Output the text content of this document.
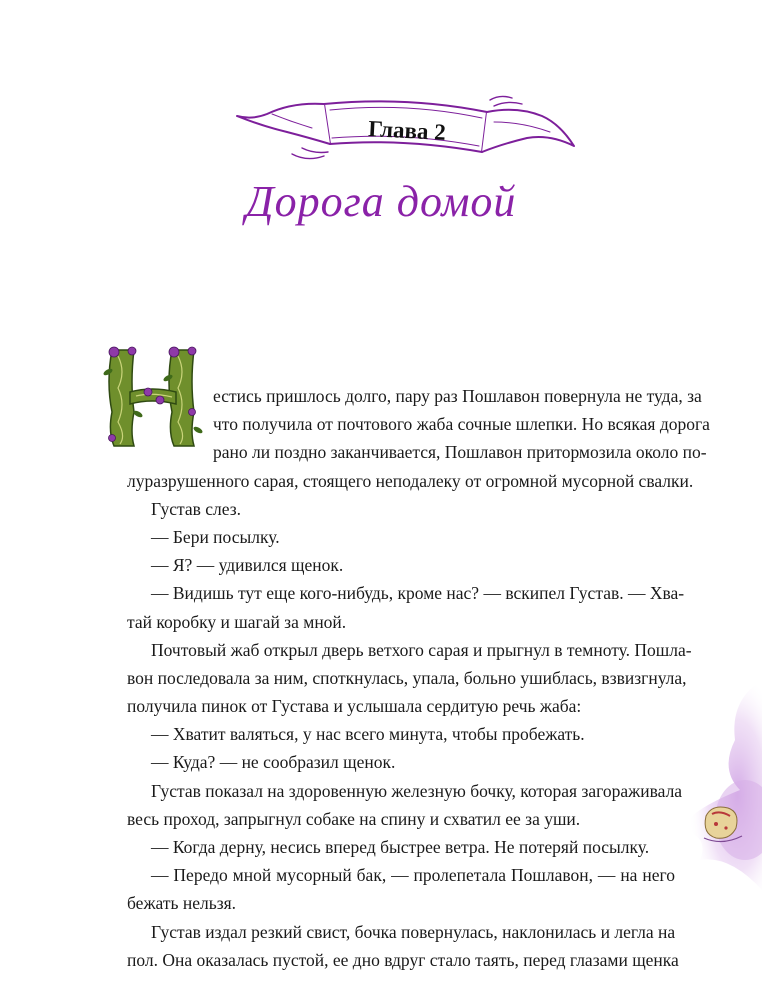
Глава 2
Дорога домой
естись пришлось долго, пару раз Пошлавон повернула не туда, за
что получила от почтового жаба сочные шлепки. Но всякая дорога
рано ли поздно заканчивается, Пошлавон притормозила около по-
луразрушенного сарая, стоящего неподалеку от огромной мусорной свалки.
Густав слез.
— Бери посылку.
— Я? — удивился щенок.
— Видишь тут еще кого-нибудь, кроме нас? — вскипел Густав. — Хва-
тай коробку и шагай за мной.
Почтовый жаб открыл дверь ветхого сарая и прыгнул в темноту. Пошла-
вон последовала за ним, споткнулась, упала, больно ушиблась, взвизгнула,
получила пинок от Густава и услышала сердитую речь жаба:
— Хватит валяться, у нас всего минута, чтобы пробежать.
— Куда? — не сообразил щенок.
Густав показал на здоровенную железную бочку, которая загораживала
весь проход, запрыгнул собаке на спину и схватил ее за уши.
— Когда дерну, несись вперед быстрее ветра. Не потеряй посылку.
— Передо мной мусорный бак, — пролепетала Пошлавон, — на него
бежать нельзя.
Густав издал резкий свист, бочка повернулась, наклонилась и легла на
пол. Она оказалась пустой, ее дно вдруг стало таять, перед глазами щенка
